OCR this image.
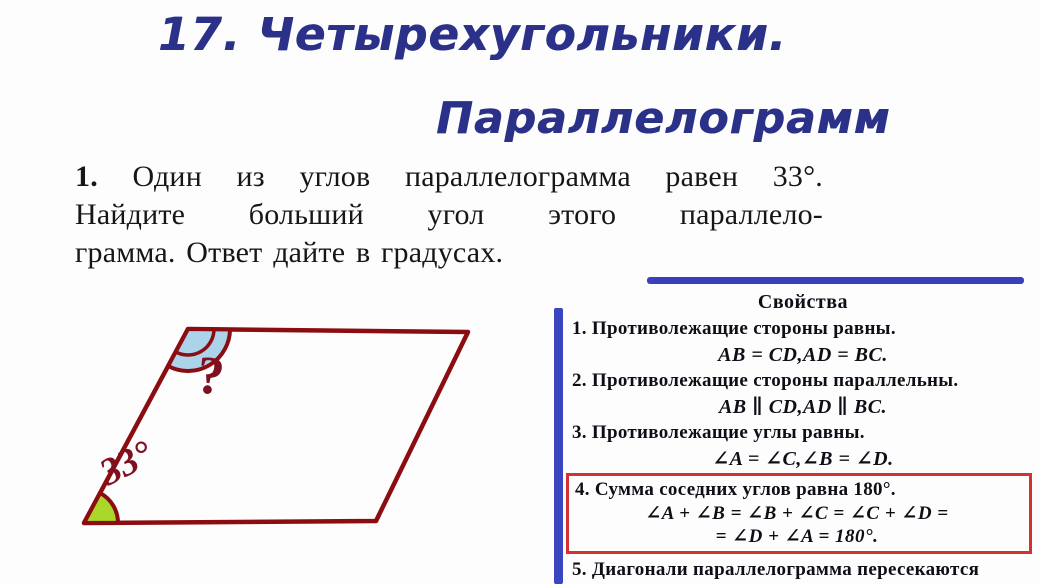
17. Четырехугольники.
Параллелограмм
1. Один из углов параллелограмма равен 33°.
Найдите больший угол этого параллело-
грамма. Ответ дайте в градусах.
?
33°
Свойства
1. Противолежащие стороны равны.
AB = CD,AD = BC.
2. Противолежащие стороны параллельны.
AB ∥ CD,AD ∥ BC.
3. Противолежащие углы равны.
∠A = ∠C,∠B = ∠D.
4. Сумма соседних углов равна 180°.
∠A + ∠B = ∠B + ∠C = ∠C + ∠D =
= ∠D + ∠A = 180°.
5. Диагонали параллелограмма пересекаются
